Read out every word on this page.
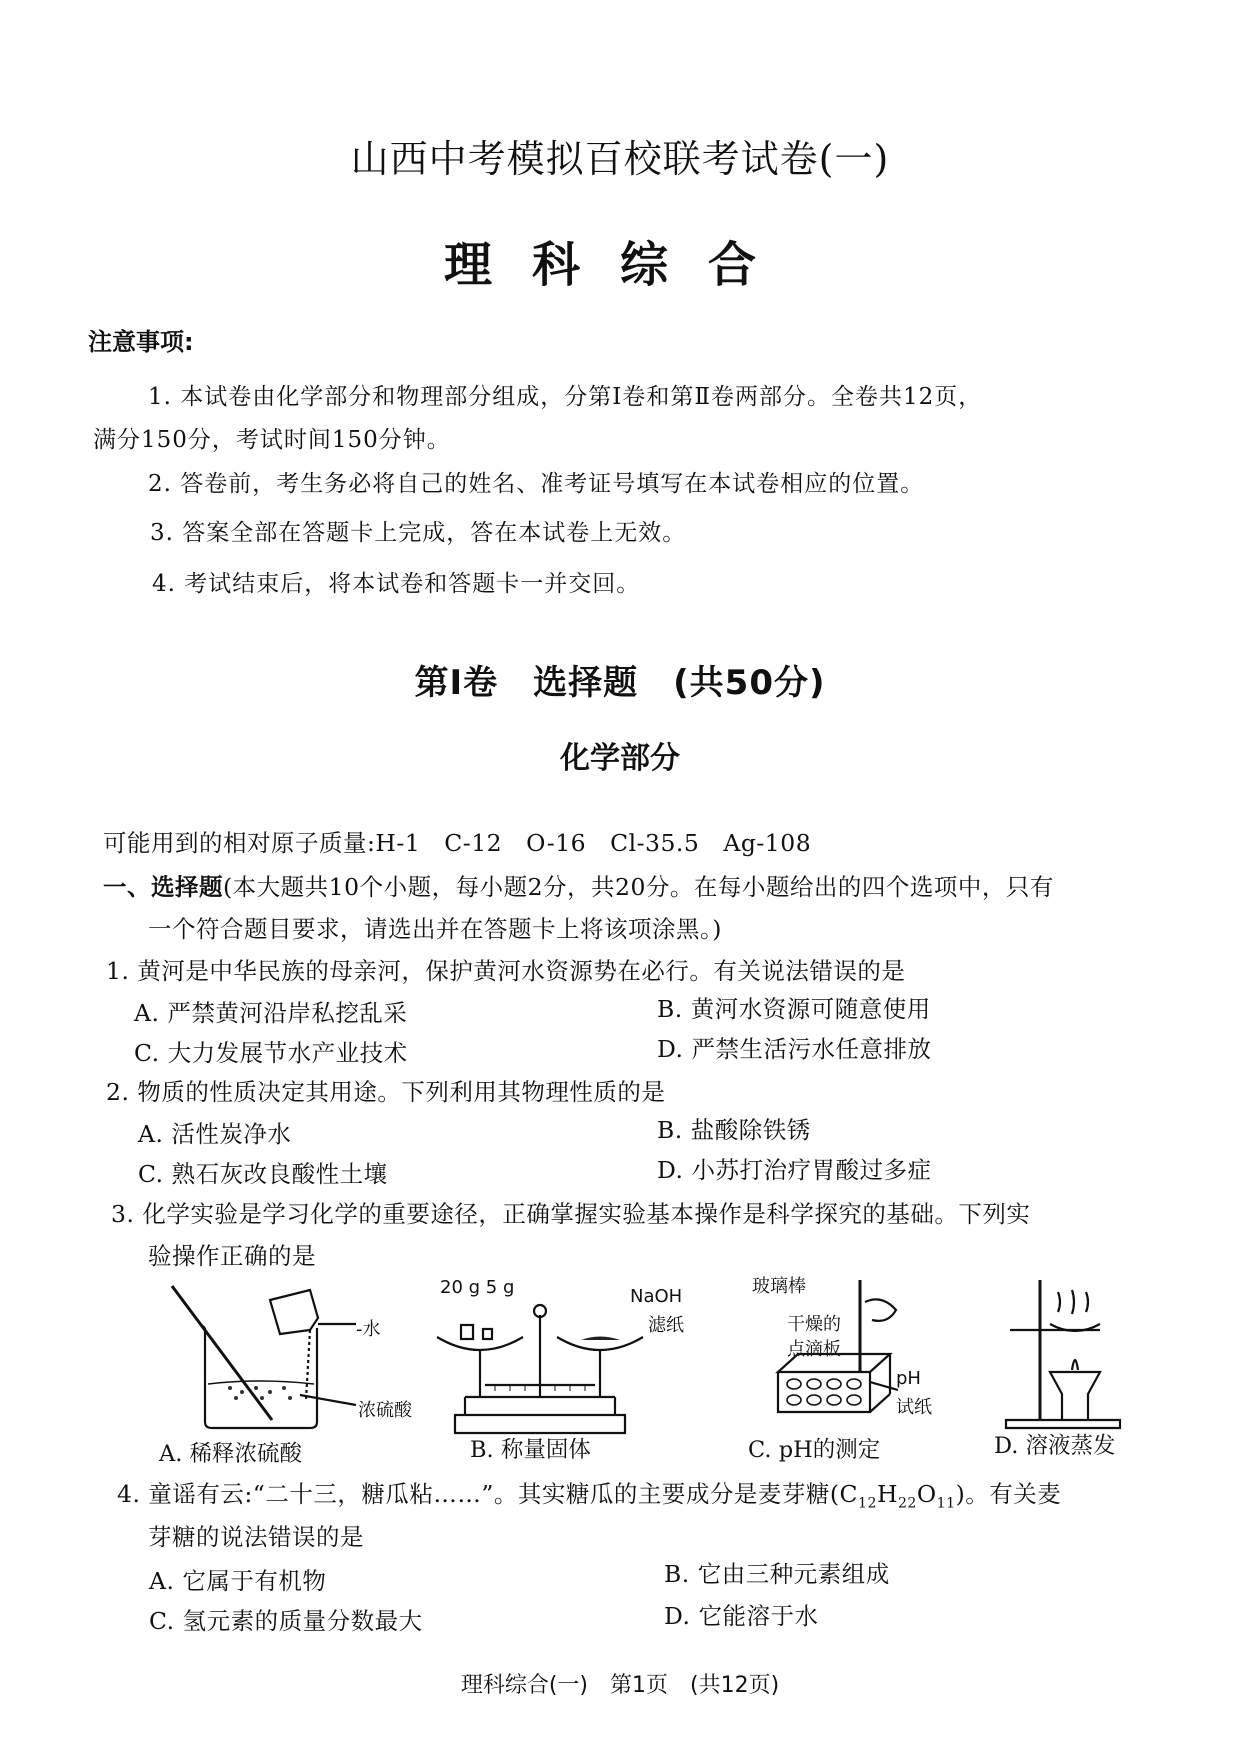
山西中考模拟百校联考试卷(一)
理科综合
注意事项:
1. 本试卷由化学部分和物理部分组成，分第Ⅰ卷和第Ⅱ卷两部分。全卷共12页，
满分150分，考试时间150分钟。
2. 答卷前，考生务必将自己的姓名、准考证号填写在本试卷相应的位置。
3. 答案全部在答题卡上完成，答在本试卷上无效。
4. 考试结束后，将本试卷和答题卡一并交回。
第Ⅰ卷　选择题　(共50分)
化学部分
可能用到的相对原子质量:H-1　C-12　O-16　Cl-35.5　Ag-108
一、选择题(本大题共10个小题，每小题2分，共20分。在每小题给出的四个选项中，只有
一个符合题目要求，请选出并在答题卡上将该项涂黑。)
1. 黄河是中华民族的母亲河，保护黄河水资源势在必行。有关说法错误的是
A. 严禁黄河沿岸私挖乱采	B. 黄河水资源可随意使用
C. 大力发展节水产业技术	D. 严禁生活污水任意排放
2. 物质的性质决定其用途。下列利用其物理性质的是
A. 活性炭净水	B. 盐酸除铁锈
C. 熟石灰改良酸性土壤	D. 小苏打治疗胃酸过多症
3. 化学实验是学习化学的重要途径，正确掌握实验基本操作是科学探究的基础。下列实
验操作正确的是
-水
浓硫酸
20 g 5 g	NaOH
滤纸
玻璃棒
干燥的
点滴板
pH
试纸
A. 稀释浓硫酸	B. 称量固体	C. pH的测定	D. 溶液蒸发
4. 童谣有云:“二十三，糖瓜粘……”。其实糖瓜的主要成分是麦芽糖$(C_{12}H_{22}O_{11})$。有关麦
芽糖的说法错误的是
A. 它属于有机物	B. 它由三种元素组成
C. 氢元素的质量分数最大	D. 它能溶于水
理科综合(一)　第1页　(共12页)
